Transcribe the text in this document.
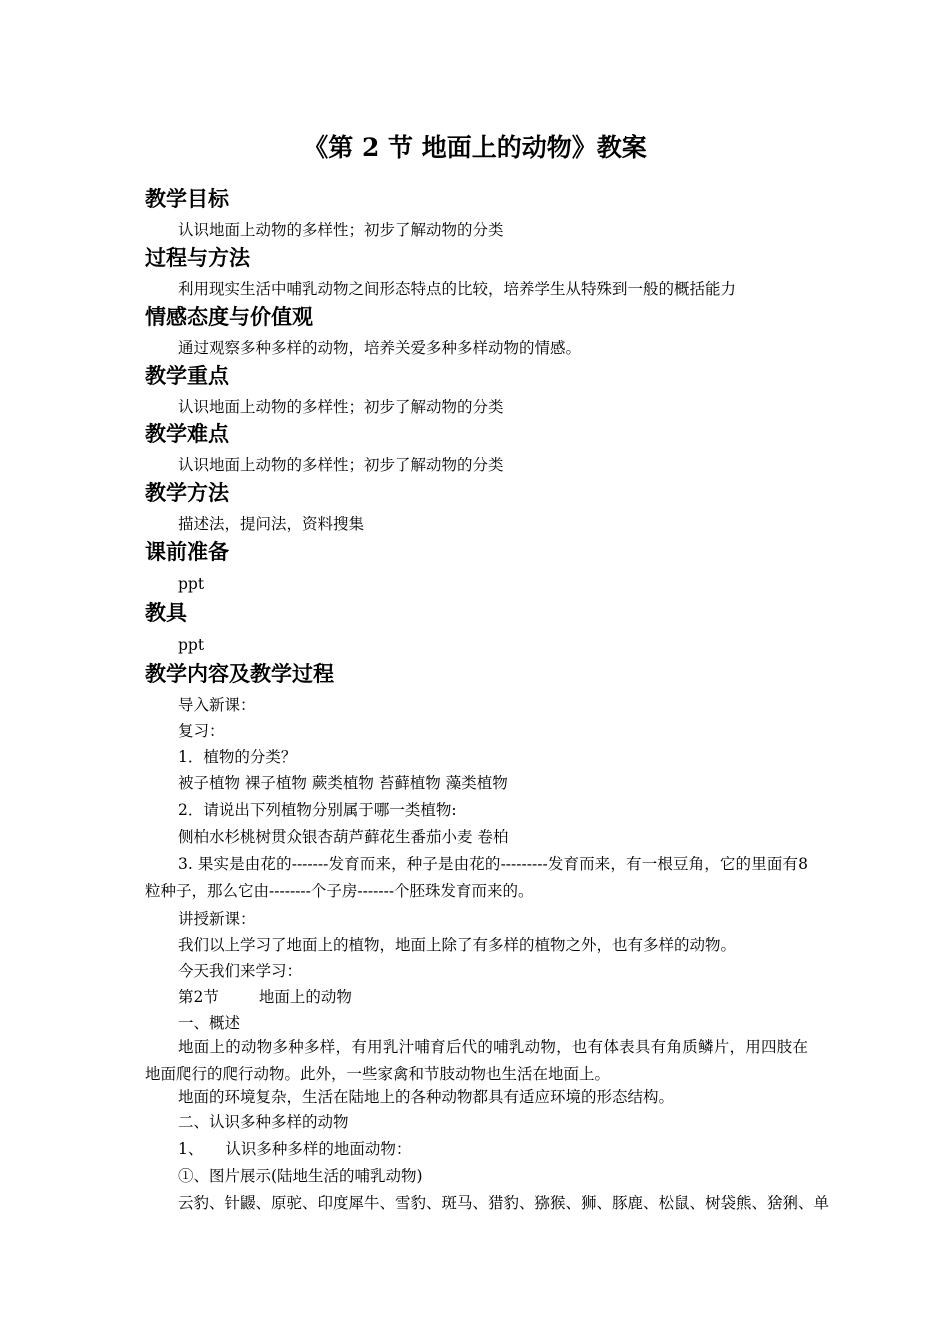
《第 2 节 地面上的动物》教案
教学目标
认识地面上动物的多样性；初步了解动物的分类
过程与方法
利用现实生活中哺乳动物之间形态特点的比较，培养学生从特殊到一般的概括能力
情感态度与价值观
通过观察多种多样的动物，培养关爱多种多样动物的情感。
教学重点
认识地面上动物的多样性；初步了解动物的分类
教学难点
认识地面上动物的多样性；初步了解动物的分类
教学方法
描述法，提问法，资料搜集
课前准备
ppt
教具
ppt
教学内容及教学过程
导入新课：
复习：
1．植物的分类？
被子植物 裸子植物 蕨类植物 苔藓植物 藻类植物
2．请说出下列植物分别属于哪一类植物:
侧柏水杉桃树贯众银杏葫芦藓花生番茄小麦 卷柏
3. 果实是由花的-------发育而来，种子是由花的---------发育而来，有一根豆角，它的里面有8粒种子，那么它由--------个子房-------个胚珠发育而来的。
讲授新课：
我们以上学习了地面上的植物，地面上除了有多样的植物之外，也有多样的动物。
今天我们来学习：
第2节	地面上的动物
一、概述
地面上的动物多种多样，有用乳汁哺育后代的哺乳动物，也有体表具有角质鳞片，用四肢在地面爬行的爬行动物。此外，一些家禽和节肢动物也生活在地面上。
地面的环境复杂，生活在陆地上的各种动物都具有适应环境的形态结构。
二、认识多种多样的动物
1、 认识多种多样的地面动物：
①、图片展示(陆地生活的哺乳动物)
云豹、针鼹、原驼、印度犀牛、雪豹、斑马、猎豹、猕猴、狮、豚鹿、松鼠、树袋熊、猞猁、单
